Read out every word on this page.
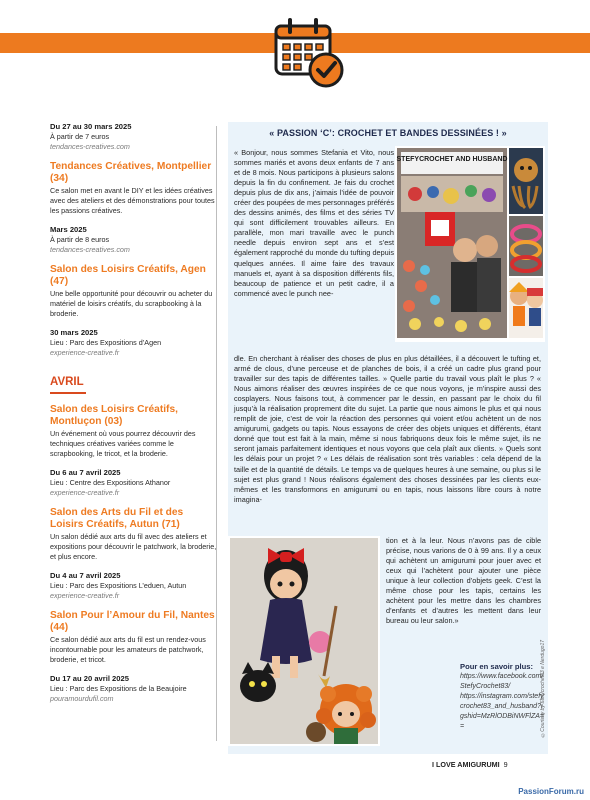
Du 27 au 30 mars 2025
À partir de 7 euros
tendances-creatives.com
Tendances Créatives, Montpellier (34)
Ce salon met en avant le DIY et les idées créatives avec des ateliers et des démonstrations pour toutes les passions créatives.
Mars 2025
À partir de 8 euros
tendances-creatives.com
Salon des Loisirs Créatifs, Agen (47)
Une belle opportunité pour découvrir ou acheter du matériel de loisirs créatifs, du scrapbooking à la broderie.
30 mars 2025
Lieu : Parc des Expositions d’Agen
experience-creative.fr
AVRIL
Salon des Loisirs Créatifs, Montluçon (03)
Un événement où vous pourrez découvrir des techniques créatives variées comme le scrapbooking, le tricot, et la broderie.
Du 6 au 7 avril 2025
Lieu : Centre des Expositions Athanor
experience-creative.fr
Salon des Arts du Fil et des Loisirs Créatifs, Autun (71)
Un salon dédié aux arts du fil avec des ateliers et expositions pour découvrir le patchwork, la broderie, et plus encore.
Du 4 au 7 avril 2025
Lieu : Parc des Expositions L’eduen, Autun
experience-creative.fr
Salon Pour l’Amour du Fil, Nantes (44)
Ce salon dédié aux arts du fil est un rendez-vous incontournable pour les amateurs de patchwork, broderie, et tricot.
Du 17 au 20 avril 2025
Lieu : Parc des Expositions de la Beaujoire
pouramourdufil.com
« PASSION ‘C’: CROCHET ET BANDES DESSINÉES ! »

« Bonjour, nous sommes Stefania et Vito, nous sommes mariés et avons deux enfants de 7 ans et de 8 mois. Nous participons à plusieurs salons depuis la fin du confinement. Je fais du crochet depuis plus de dix ans, j’aimais l’idée de pouvoir créer des poupées de mes personnages préférés des dessins animés, des films et des séries TV qui sont difficilement trouvables ailleurs. En parallèle, mon mari travaille avec le punch needle depuis environ sept ans et s’est également rapproché du monde du tufting depuis quelques années. Il aime faire des travaux manuels et, ayant à sa disposition différents fils, beaucoup de patience et un petit cadre, il a commencé avec le punch nee-

STEFYCROCHET AND HUSBAND

dle. En cherchant à réaliser des choses de plus en plus détaillées, il a découvert le tufting et, armé de clous, d’une perceuse et de planches de bois, il a créé un cadre plus grand pour travailler sur des tapis de différentes tailles. » Quelle partie du travail vous plaît le plus ? « Nous aimons réaliser des œuvres inspirées de ce que nous voyons, je m’inspire aussi des cosplayers. Nous faisons tout, à commencer par le dessin, en passant par le choix du fil jusqu’à la réalisation proprement dite du sujet. La partie que nous aimons le plus et qui nous remplit de joie, c’est de voir la réaction des personnes qui voient et/ou achètent un de nos amigurumi, gadgets ou tapis. Nous essayons de créer des objets uniques et différents, étant donné que tout est fait à la main, même si nous fabriquons deux fois le même sujet, ils ne seront jamais parfaitement identiques et nous voyons que cela plaît aux clients. » Quels sont les délais pour un projet ? « Les délais de réalisation sont très variables : cela dépend de la taille et de la quantité de détails. Le temps va de quelques heures à une semaine, ou plus si le sujet est plus grand ! Nous réalisons également des choses dessinées par les clients eux-mêmes et les transformons en amigurumi ou en tapis, nous laissons libre cours à notre imagina-

tion et à la leur. Nous n’avons pas de cible précise, nous varions de 0 à 99 ans. Il y a ceux qui achètent un amigurumi pour jouer avec et ceux qui l’achètent pour ajouter une pièce unique à leur collection d’objets geek. C’est la même chose pour les tapis, certains les achètent pour les mettre dans les chambres d’enfants et d’autres les mettent dans leur bureau ou leur salon.»

Pour en savoir plus:
https://www.facebook.com/StefyCrochet83/
https://instagram.com/stefycrochet83_and_husband?igshid=MzRlODBiNWFlZA==	©Courtesy by Stefycrochet83 e Nerdugo17
I LOVE AMIGURUMI 9
PassionForum.ru
